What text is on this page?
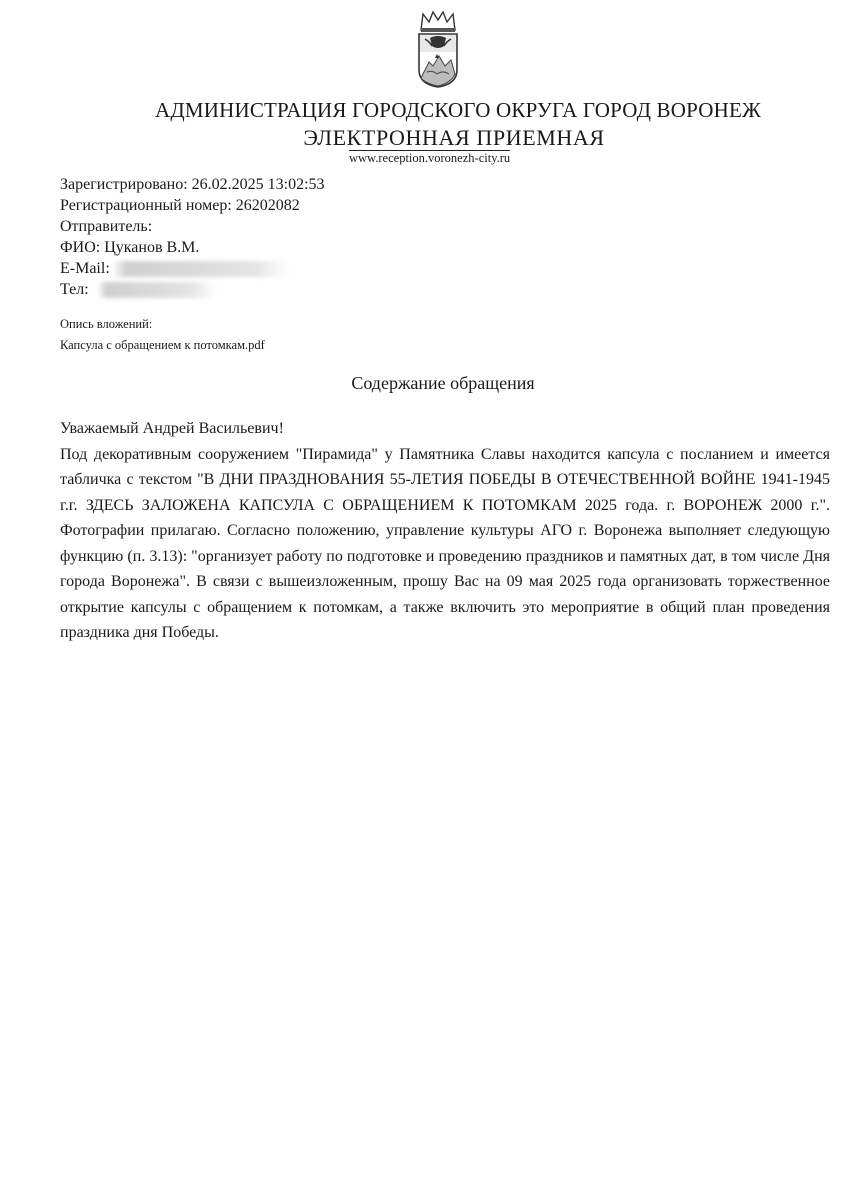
АДМИНИСТРАЦИЯ ГОРОДСКОГО ОКРУГА ГОРОД ВОРОНЕЖ
ЭЛЕКТРОННАЯ ПРИЕМНАЯ
www.reception.voronezh-city.ru
Зарегистрировано: 26.02.2025 13:02:53
Регистрационный номер: 26202082
Отправитель:
ФИО: Цуканов В.М.
E-Mail:
Тел:
Опись вложений:
Капсула с обращением к потомкам.pdf
Содержание обращения

Уважаемый Андрей Васильевич!

Под декоративным сооружением "Пирамида" у Памятника Славы находится капсула с посланием и имеется табличка с текстом "В ДНИ ПРАЗДНОВАНИЯ 55-ЛЕТИЯ ПОБЕДЫ В ОТЕЧЕСТВЕННОЙ ВОЙНЕ 1941-1945 г.г. ЗДЕСЬ ЗАЛОЖЕНА КАПСУЛА С ОБРАЩЕНИЕМ К ПОТОМКАМ 2025 года. г. ВОРОНЕЖ 2000 г.". Фотографии прилагаю. Согласно положению, управление культуры АГО г. Воронежа выполняет следующую функцию (п. 3.13): "организует работу по подготовке и проведению праздников и памятных дат, в том числе Дня города Воронежа". В связи с вышеизложенным, прошу Вас на 09 мая 2025 года организовать торжественное открытие капсулы с обращением к потомкам, а также включить это мероприятие в общий план проведения праздника дня Победы.
